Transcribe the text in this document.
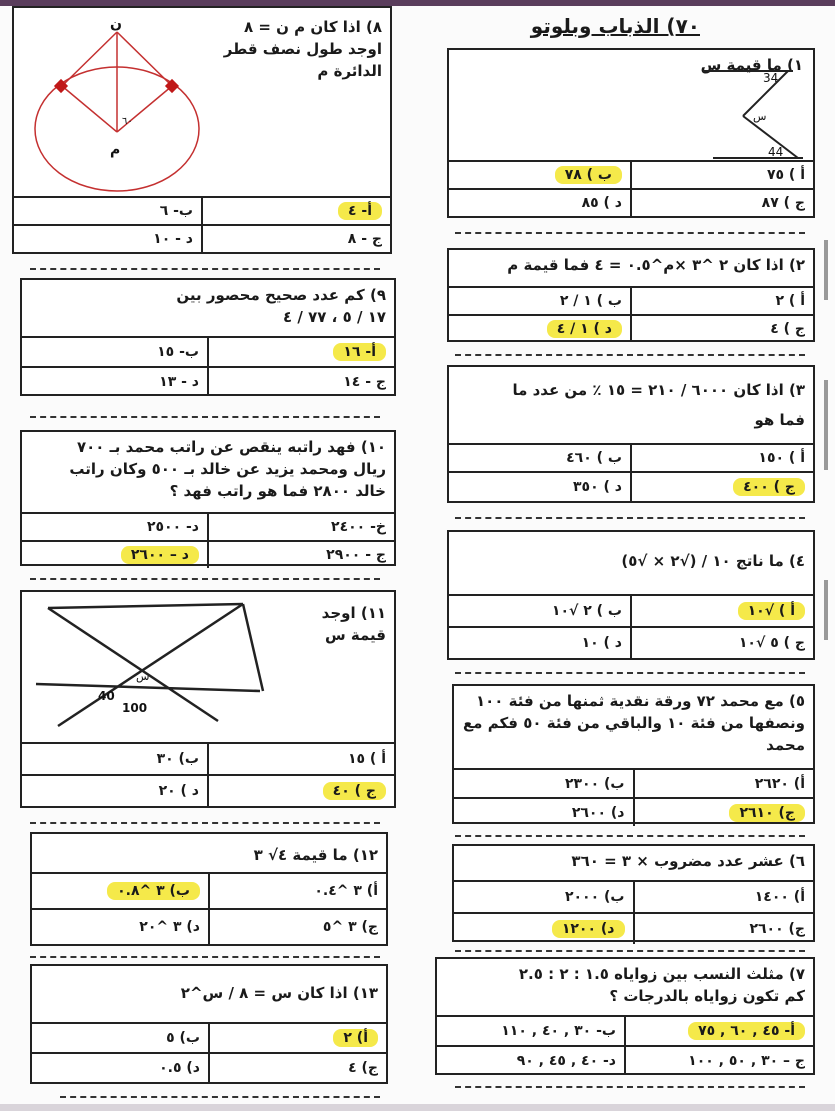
٧٠) الذباب وبلوتو
١) ما قيمة س
34
س
44
أ ) ٧٥
ب ) ٧٨
ج ) ٨٧
د ) ٨٥
٢) اذا كان ٢ ^٣ ×م^٠.٥ = ٤ فما قيمة م
أ ) ٢
ب ) ١ / ٢
ج ) ٤
د ) ١ / ٤
٣) اذا كان ٦٠٠٠ / ٢١٠ = ١٥ ٪ من عدد ما
فما هو
أ ) ١٥٠
ب ) ٤٦٠
ج ) ٤٠٠
د ) ٣٥٠
٤) ما ناتج ١٠ / (√٢ × √٥)
أ ) √١٠
ب ) ٢ √١٠
ج ) ٥ √١٠
د ) ١٠
٥) مع محمد ٧٢ ورقة نقدية ثمنها من فئة ١٠٠
ونصفها من فئة ١٠ والباقي من فئة ٥٠ فكم مع
محمد
أ) ٢٦٢٠
ب) ٢٣٠٠
ج) ٢٦١٠
د) ٢٦٠٠
٦) عشر عدد مضروب × ٣ = ٣٦٠
أ) ١٤٠٠
ب) ٢٠٠٠
ج) ٢٦٠٠
د) ١٢٠٠
٧) مثلث النسب بين زواياه ١.٥ : ٢ : ٢.٥
كم تكون زواياه بالدرجات ؟
أ- ٤٥ , ٦٠ , ٧٥
ب- ٣٠ , ٤٠ , ١١٠
ج – ٣٠ , ٥٠ , ١٠٠
د- ٤٠ , ٤٥ , ٩٠
٨) اذا كان م ن = ٨
اوجد طول نصف قطر
الدائرة م
ن
م
٦٠
أ- ٤
ب- ٦
ج - ٨
د - ١٠
٩) كم عدد صحيح محصور بين
١٧ / ٥ ، ٧٧ / ٤
أ- ١٦
ب- ١٥
ج - ١٤
د - ١٣
١٠) فهد راتبه ينقص عن راتب محمد بـ ٧٠٠
ريال ومحمد يزيد عن خالد بـ ٥٠٠ وكان راتب
خالد ٢٨٠٠ فما هو راتب فهد ؟
خ- ٢٤٠٠
د- ٢٥٠٠
ج - ٢٩٠٠
د – ٢٦٠٠
١١) اوجد
قيمة س
40
100
س
أ ) ١٥
ب) ٣٠
ج ) ٤٠
د ) ٢٠
١٢) ما قيمة ٤√ ٣
أ) ٣ ^٠.٤
ب) ٣ ^٠.٨
ج) ٣ ^٥
د) ٣ ^٢٠
١٣) اذا كان س = ٨ / س^٢
أ) ٢
ب) ٥
ج) ٤
د) ٠.٥
